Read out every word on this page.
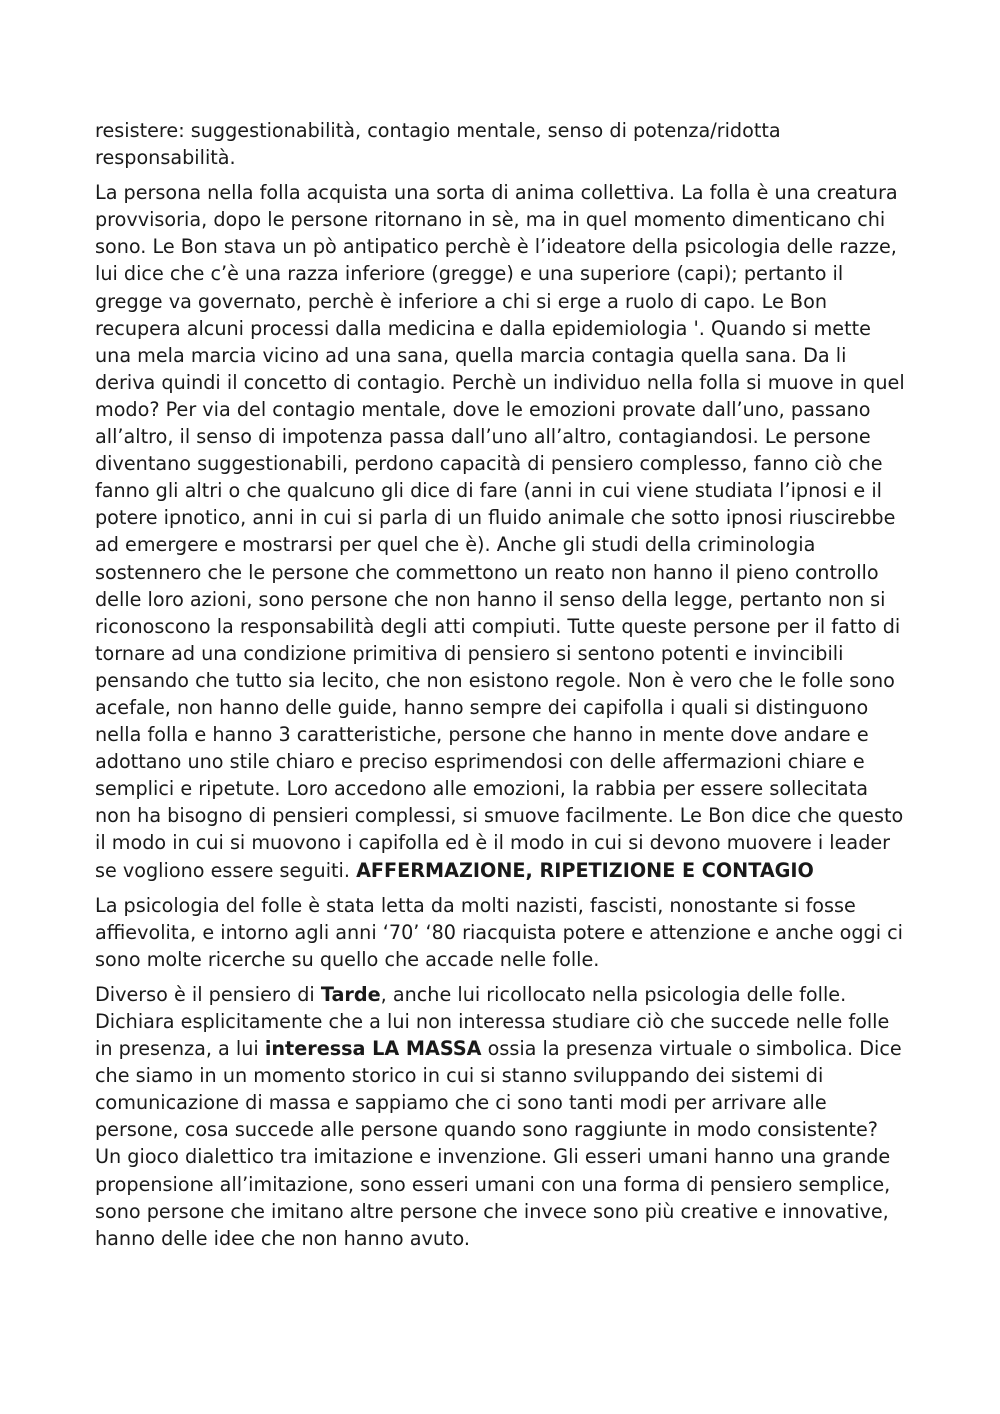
resistere: suggestionabilità, contagio mentale, senso di potenza/ridotta responsabilità.

La persona nella folla acquista una sorta di anima collettiva. La folla è una creatura provvisoria, dopo le persone ritornano in sè, ma in quel momento dimenticano chi sono. Le Bon stava un pò antipatico perchè è l’ideatore della psicologia delle razze, lui dice che c’è una razza inferiore (gregge) e una superiore (capi); pertanto il gregge va governato, perchè è inferiore a chi si erge a ruolo di capo. Le Bon recupera alcuni processi dalla medicina e dalla epidemiologia '. Quando si mette una mela marcia vicino ad una sana, quella marcia contagia quella sana. Da li deriva quindi il concetto di contagio. Perchè un individuo nella folla si muove in quel modo? Per via del contagio mentale, dove le emozioni provate dall’uno, passano all’altro, il senso di impotenza passa dall’uno all’altro, contagiandosi. Le persone diventano suggestionabili, perdono capacità di pensiero complesso, fanno ciò che fanno gli altri o che qualcuno gli dice di fare (anni in cui viene studiata l’ipnosi e il potere ipnotico, anni in cui si parla di un fluido animale che sotto ipnosi riuscirebbe ad emergere e mostrarsi per quel che è). Anche gli studi della criminologia sostennero che le persone che commettono un reato non hanno il pieno controllo delle loro azioni, sono persone che non hanno il senso della legge, pertanto non si riconoscono la responsabilità degli atti compiuti. Tutte queste persone per il fatto di tornare ad una condizione primitiva di pensiero si sentono potenti e invincibili pensando che tutto sia lecito, che non esistono regole. Non è vero che le folle sono acefale, non hanno delle guide, hanno sempre dei capifolla i quali si distinguono nella folla e hanno 3 caratteristiche, persone che hanno in mente dove andare e adottano uno stile chiaro e preciso esprimendosi con delle affermazioni chiare e semplici e ripetute. Loro accedono alle emozioni, la rabbia per essere sollecitata non ha bisogno di pensieri complessi, si smuove facilmente. Le Bon dice che questo il modo in cui si muovono i capifolla ed è il modo in cui si devono muovere i leader se vogliono essere seguiti. AFFERMAZIONE, RIPETIZIONE E CONTAGIO

La psicologia del folle è stata letta da molti nazisti, fascisti, nonostante si fosse affievolita, e intorno agli anni ‘70’ ‘80 riacquista potere e attenzione e anche oggi ci sono molte ricerche su quello che accade nelle folle.

Diverso è il pensiero di Tarde, anche lui ricollocato nella psicologia delle folle. Dichiara esplicitamente che a lui non interessa studiare ciò che succede nelle folle in presenza, a lui interessa LA MASSA ossia la presenza virtuale o simbolica. Dice che siamo in un momento storico in cui si stanno sviluppando dei sistemi di comunicazione di massa e sappiamo che ci sono tanti modi per arrivare alle persone, cosa succede alle persone quando sono raggiunte in modo consistente? Un gioco dialettico tra imitazione e invenzione. Gli esseri umani hanno una grande propensione all’imitazione, sono esseri umani con una forma di pensiero semplice, sono persone che imitano altre persone che invece sono più creative e innovative, hanno delle idee che non hanno avuto.
